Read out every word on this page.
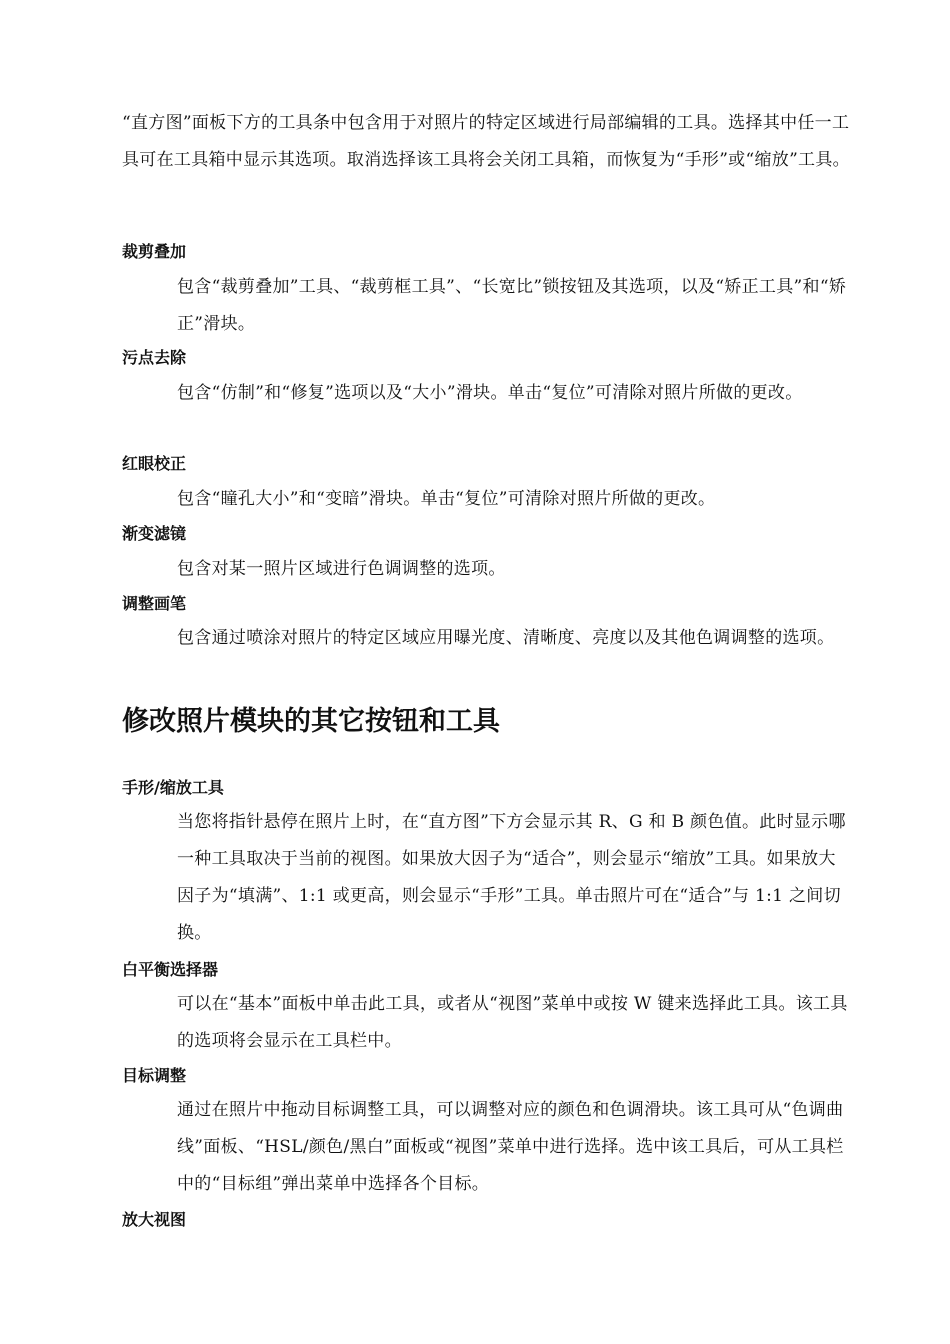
“直方图”面板下方的工具条中包含用于对照片的特定区域进行局部编辑的工具。选择其中任一工具可在工具箱中显示其选项。取消选择该工具将会关闭工具箱，而恢复为“手形”或“缩放”工具。

裁剪叠加

包含“裁剪叠加”工具、“裁剪框工具”、“长宽比”锁按钮及其选项，以及“矫正工具”和“矫正”滑块。

污点去除

包含“仿制”和“修复”选项以及“大小”滑块。单击“复位”可清除对照片所做的更改。

红眼校正

包含“瞳孔大小”和“变暗”滑块。单击“复位”可清除对照片所做的更改。

渐变滤镜

包含对某一照片区域进行色调调整的选项。

调整画笔

包含通过喷涂对照片的特定区域应用曝光度、清晰度、亮度以及其他色调调整的选项。

修改照片模块的其它按钮和工具
手形/缩放工具

当您将指针悬停在照片上时，在“直方图”下方会显示其 R、G 和 B 颜色值。此时显示哪一种工具取决于当前的视图。如果放大因子为“适合”，则会显示“缩放”工具。如果放大因子为“填满”、1:1 或更高，则会显示“手形”工具。单击照片可在“适合”与 1:1 之间切换。

白平衡选择器

可以在“基本”面板中单击此工具，或者从“视图”菜单中或按 W 键来选择此工具。该工具的选项将会显示在工具栏中。

目标调整

通过在照片中拖动目标调整工具，可以调整对应的颜色和色调滑块。该工具可从“色调曲线”面板、“HSL/颜色/黑白”面板或“视图”菜单中进行选择。选中该工具后，可从工具栏中的“目标组”弹出菜单中选择各个目标。

放大视图
